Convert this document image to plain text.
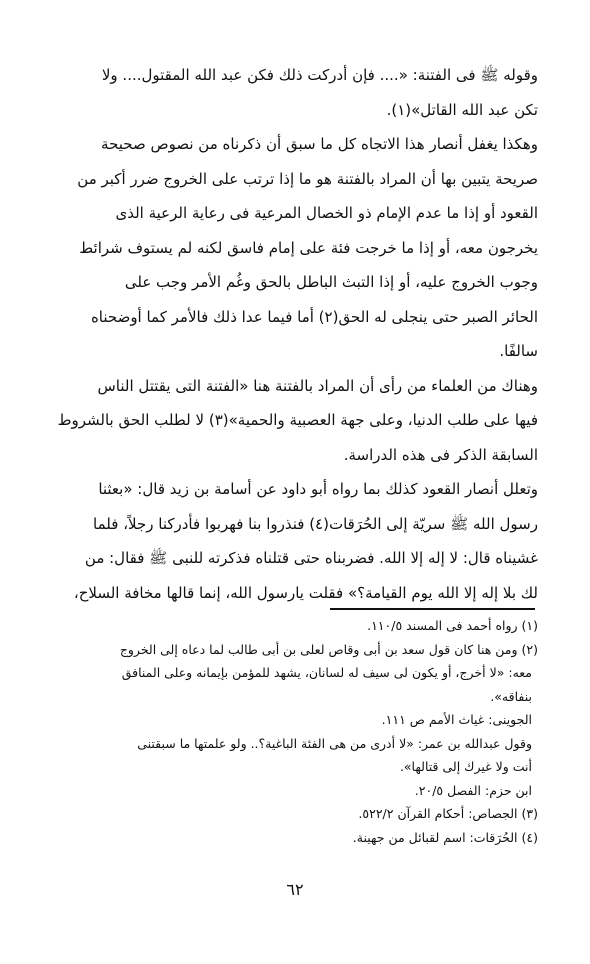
وقوله ﷺ فى الفتنة: «.... فإن أدركت ذلك فكن عبد الله المقتول.... ولا
تكن عبد الله القاتل»(١).
وهكذا يغفل أنصار هذا الاتجاه كل ما سبق أن ذكرناه من نصوص صحيحة
صريحة يتبين بها أن المراد بالفتنة هو ما إذا ترتب على الخروج ضرر أكبر من
القعود أو إذا ما عدم الإمام ذو الخصال المرعية فى رعاية الرعية الذى
يخرجون معه، أو إذا ما خرجت فئة على إمام فاسق لكنه لم يستوف شرائط
وجوب الخروج عليه، أو إذا التبث الباطل بالحق وغُم الأمر وجب على
الحائر الصبر حتى ينجلى له الحق(٢) أما فيما عدا ذلك فالأمر كما أوضحناه
سالفًا.
وهناك من العلماء من رأى أن المراد بالفتنة هنا «الفتنة التى يقتتل الناس
فيها على طلب الدنيا، وعلى جهة العصبية والحمية»(٣) لا لطلب الحق بالشروط
السابقة الذكر فى هذه الدراسة.
وتعلل أنصار القعود كذلك بما رواه أبو داود عن أسامة بن زيد قال: «بعثنا
رسول الله ﷺ سريّة إلى الحُرَقات(٤) فنذروا بنا فهربوا فأدركنا رجلاً، فلما
غشيناه قال: لا إله إلا الله. فضربناه حتى قتلناه فذكرته للنبى ﷺ فقال: من
لك بلا إله إلا الله يوم القيامة؟» فقلت يارسول الله، إنما قالها مخافة السلاح،
(١) رواه أحمد فى المسند ١١٠/٥.
(٢) ومن هنا كان قول سعد بن أبى وقاص لعلى بن أبى طالب لما دعاه إلى الخروج
معه: «لا أخرج، أو يكون لى سيف له لسانان، يشهد للمؤمن بإيمانه وعلى المنافق
بنفاقه».
الجوينى: غياث الأمم ص ١١١.
وقول عبدالله بن عمر: «لا أدرى من هى الفئة الباغية؟.. ولو علمتها ما سبقتنى
أنت ولا غيرك إلى قتالها».
ابن حزم: الفصل ٢٠/٥.
(٣) الجصاص: أحكام القرآن ٥٢٢/٢.
(٤) الحُرَقات: اسم لقبائل من جهينة.
٦٢
